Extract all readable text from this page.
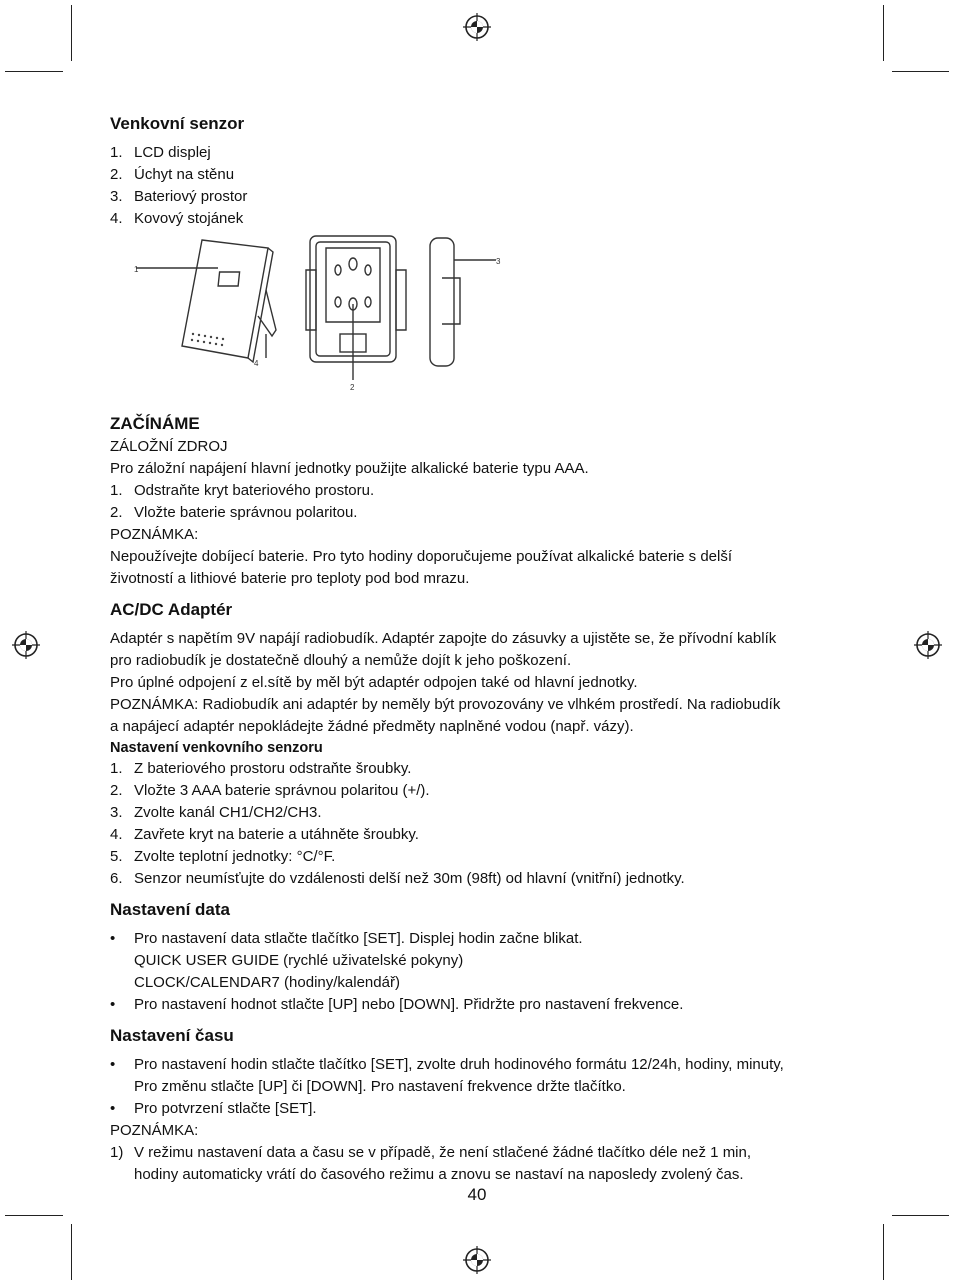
Venkovní senzor
1. LCD displej
2. Úchyt na stěnu
3. Bateriový prostor
4. Kovový stojánek
1
4
2
3
ZAČÍNÁME

ZÁLOŽNÍ ZDROJ

Pro záložní napájení hlavní jednotky použijte alkalické baterie typu AAA.

1. Odstraňte kryt bateriového prostoru.
2. Vložte baterie správnou polaritou.

POZNÁMKA:

Nepoužívejte dobíjecí baterie. Pro tyto hodiny doporučujeme používat alkalické baterie s delší

životností a lithiové baterie pro teploty pod bod mrazu.

AC/DC Adaptér

Adaptér s napětím 9V napájí radiobudík. Adaptér zapojte do zásuvky a ujistěte se, že přívodní kablík

pro radiobudík je dostatečně dlouhý a nemůže dojít k jeho poškození.

Pro úplné odpojení z el.sítě by měl být adaptér odpojen také od hlavní jednotky.

POZNÁMKA: Radiobudík ani adaptér by neměly být provozovány ve vlhkém prostředí. Na radiobudík

a napájecí adaptér nepokládejte žádné předměty naplněné vodou (např. vázy).

Nastavení venkovního senzoru
1. Z bateriového prostoru odstraňte šroubky.
2. Vložte 3 AAA baterie správnou polaritou (+/).
3. Zvolte kanál CH1/CH2/CH3.
4. Zavřete kryt na baterie a utáhněte šroubky.
5. Zvolte teplotní jednotky: °C/°F.
6. Senzor neumísťujte do vzdálenosti delší než 30m (98ft) od hlavní (vnitřní) jednotky.
Nastavení data
• Pro nastavení data stlačte tlačítko [SET]. Displej hodin začne blikat.
QUICK USER GUIDE (rychlé uživatelské pokyny)
CLOCK/CALENDAR7 (hodiny/kalendář)
• Pro nastavení hodnot stlačte [UP] nebo [DOWN]. Přidržte pro nastavení frekvence.
Nastavení času
• Pro nastavení hodin stlačte tlačítko [SET], zvolte druh hodinového formátu 12/24h, hodiny, minuty,
Pro změnu stlačte [UP] či [DOWN]. Pro nastavení frekvence držte tlačítko.
• Pro potvrzení stlačte [SET].

POZNÁMKA:

1) V režimu nastavení data a času se v případě, že není stlačené žádné tlačítko déle než 1 min,
hodiny automaticky vrátí do časového režimu a znovu se nastaví na naposledy zvolený čas.
40
